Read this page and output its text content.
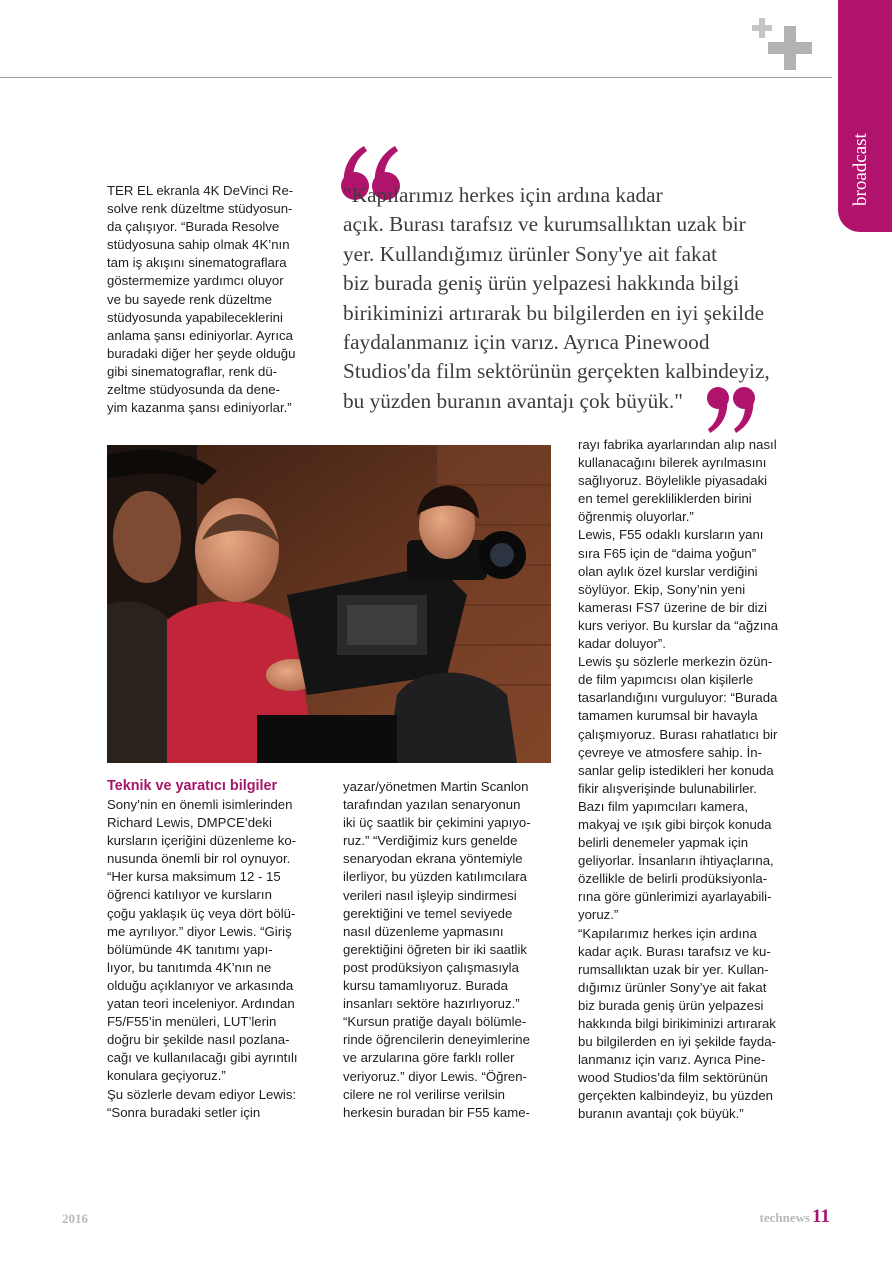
broadcast
TER EL ekranla 4K DeVinci Re-
solve renk düzeltme stüdyosun-
da çalışıyor. “Burada Resolve
stüdyosuna sahip olmak 4K’nın
tam iş akışını sinematograflara
göstermemize yardımcı oluyor
ve bu sayede renk düzeltme
stüdyosunda yapabileceklerini
anlama şansı ediniyorlar. Ayrıca
buradaki diğer her şeyde olduğu
gibi sinematograflar, renk dü-
zeltme stüdyosunda da dene-
yim kazanma şansı ediniyorlar.”
"Kapılarımız herkes için ardına kadar
açık. Burası tarafsız ve kurumsallıktan uzak bir
yer. Kullandığımız ürünler Sony'ye ait fakat
biz burada geniş ürün yelpazesi hakkında bilgi
birikiminizi artırarak bu bilgilerden en iyi şekilde
faydalanmanız için varız. Ayrıca Pinewood
Studios'da film sektörünün gerçekten kalbindeyiz,
bu yüzden buranın avantajı çok büyük."
Teknik ve yaratıcı bilgiler
Sony’nin en önemli isimlerinden
Richard Lewis, DMPCE’deki
kursların içeriğini düzenleme ko-
nusunda önemli bir rol oynuyor.
“Her kursa maksimum 12 - 15
öğrenci katılıyor ve kursların
çoğu yaklaşık üç veya dört bölü-
me ayrılıyor.” diyor Lewis. “Giriş
bölümünde 4K tanıtımı yapı-
lıyor, bu tanıtımda 4K’nın ne
olduğu açıklanıyor ve arkasında
yatan teori inceleniyor. Ardından
F5/F55’in menüleri, LUT’lerin
doğru bir şekilde nasıl pozlana-
cağı ve kullanılacağı gibi ayrıntılı
konulara geçiyoruz.”
Şu sözlerle devam ediyor Lewis:
“Sonra buradaki setler için
yazar/yönetmen Martin Scanlon
tarafından yazılan senaryonun
iki üç saatlik bir çekimini yapıyo-
ruz.” “Verdiğimiz kurs genelde
senaryodan ekrana yöntemiyle
ilerliyor, bu yüzden katılımcılara
verileri nasıl işleyip sindirmesi
gerektiğini ve temel seviyede
nasıl düzenleme yapmasını
gerektiğini öğreten bir iki saatlik
post prodüksiyon çalışmasıyla
kursu tamamlıyoruz. Burada
insanları sektöre hazırlıyoruz.”
“Kursun pratiğe dayalı bölümle-
rinde öğrencilerin deneyimlerine
ve arzularına göre farklı roller
veriyoruz.” diyor Lewis. “Öğren-
cilere ne rol verilirse verilsin
herkesin buradan bir F55 kame-
rayı fabrika ayarlarından alıp nasıl
kullanacağını bilerek ayrılmasını
sağlıyoruz. Böylelikle piyasadaki
en temel gerekliliklerden birini
öğrenmiş oluyorlar.”
Lewis, F55 odaklı kursların yanı
sıra F65 için de “daima yoğun”
olan aylık özel kurslar verdiğini
söylüyor. Ekip, Sony’nin yeni
kamerası FS7 üzerine de bir dizi
kurs veriyor. Bu kurslar da “ağzına
kadar doluyor”.
Lewis şu sözlerle merkezin özün-
de film yapımcısı olan kişilerle
tasarlandığını vurguluyor: “Burada
tamamen kurumsal bir havayla
çalışmıyoruz. Burası rahatlatıcı bir
çevreye ve atmosfere sahip. İn-
sanlar gelip istedikleri her konuda
fikir alışverişinde bulunabilirler.
Bazı film yapımcıları kamera,
makyaj ve ışık gibi birçok konuda
belirli denemeler yapmak için
geliyorlar. İnsanların ihtiyaçlarına,
özellikle de belirli prodüksiyonla-
rına göre günlerimizi ayarlayabili-
yoruz.”
“Kapılarımız herkes için ardına
kadar açık. Burası tarafsız ve ku-
rumsallıktan uzak bir yer. Kullan-
dığımız ürünler Sony’ye ait fakat
biz burada geniş ürün yelpazesi
hakkında bilgi birikiminizi artırarak
bu bilgilerden en iyi şekilde fayda-
lanmanız için varız. Ayrıca Pine-
wood Studios’da film sektörünün
gerçekten kalbindeyiz, bu yüzden
buranın avantajı çok büyük.”
2016	technews 11
